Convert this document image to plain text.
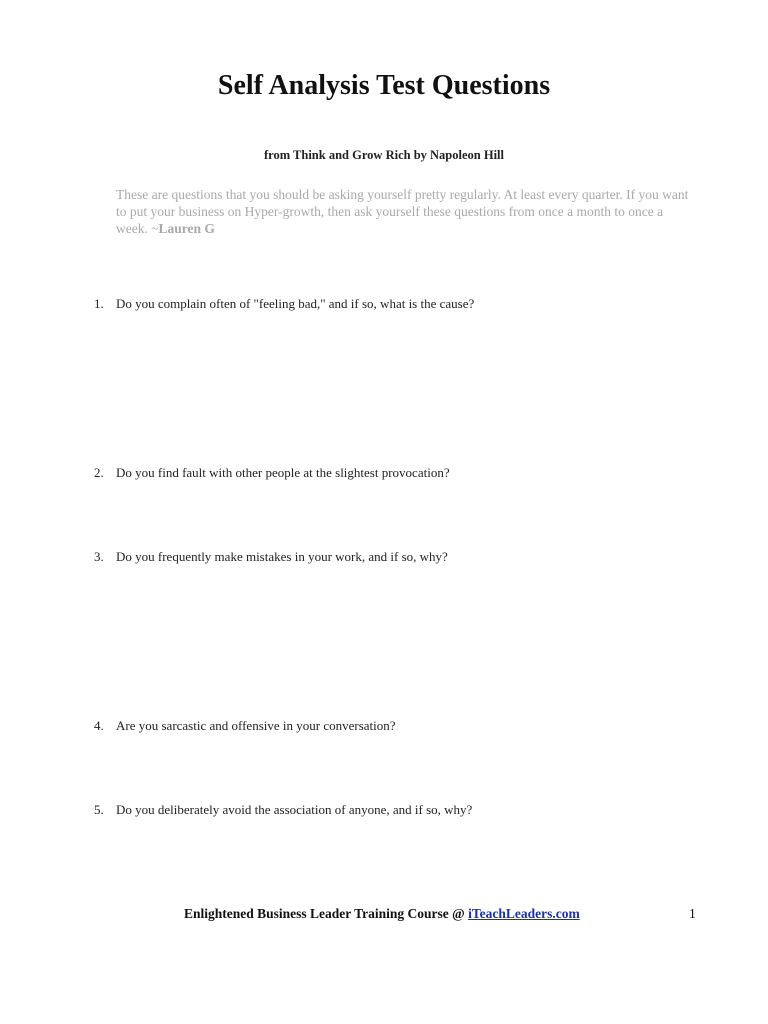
Self Analysis Test Questions
from Think and Grow Rich by Napoleon Hill
These are questions that you should be asking yourself pretty regularly. At least every quarter. If you want to put your business on Hyper-growth, then ask yourself these questions from once a month to once a week. ~Lauren G
1. Do you complain often of "feeling bad," and if so, what is the cause?
2. Do you find fault with other people at the slightest provocation?
3. Do you frequently make mistakes in your work, and if so, why?
4. Are you sarcastic and offensive in your conversation?
5. Do you deliberately avoid the association of anyone, and if so, why?
Enlightened Business Leader Training Course @ iTeachLeaders.com	1
